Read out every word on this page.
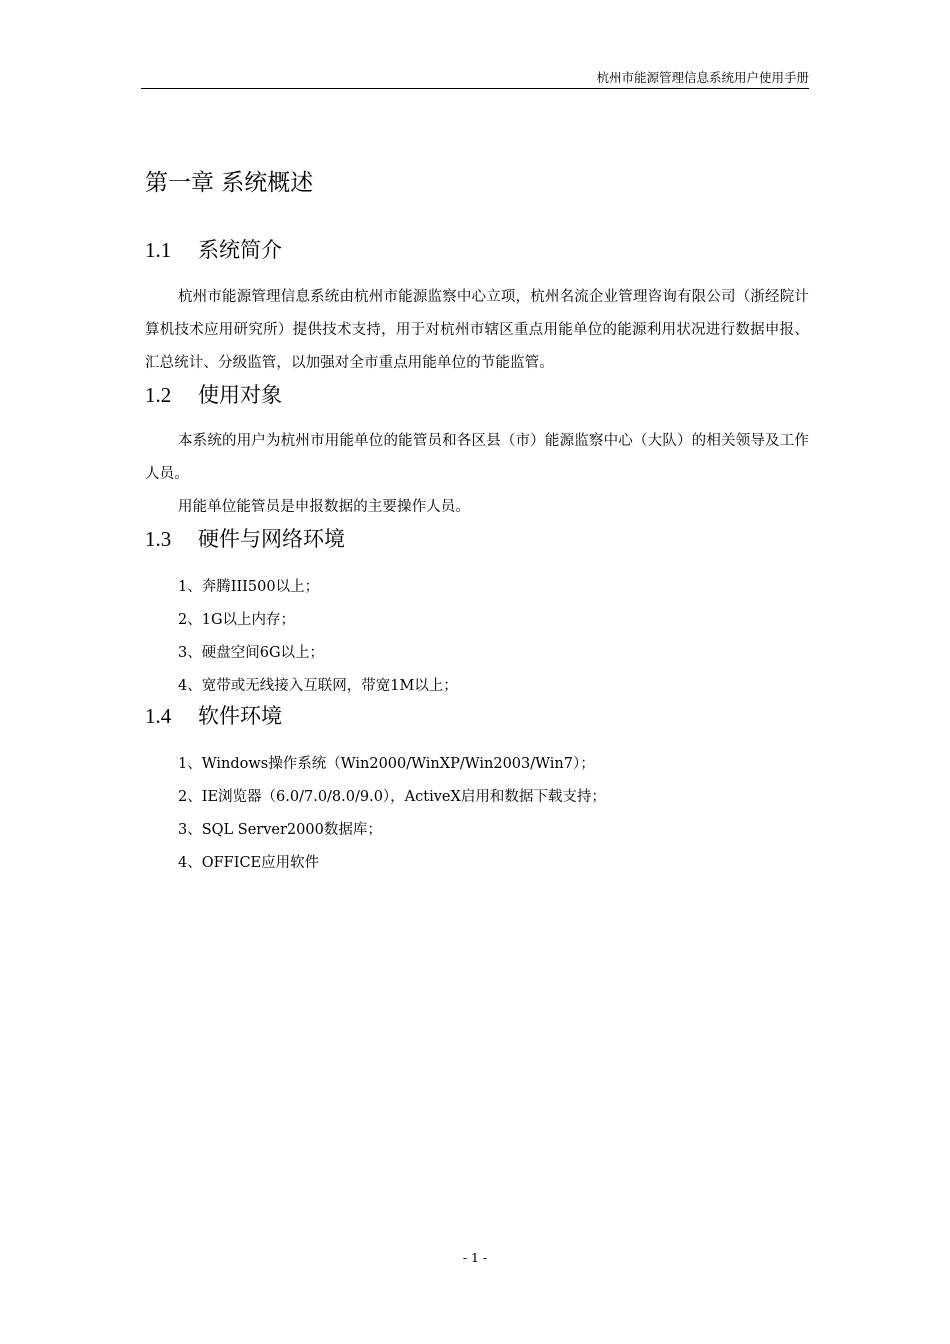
杭州市能源管理信息系统用户使用手册
第一章 系统概述
1.1 系统简介
杭州市能源管理信息系统由杭州市能源监察中心立项，杭州名流企业管理咨询有限公司（浙经院计算机技术应用研究所）提供技术支持，用于对杭州市辖区重点用能单位的能源利用状况进行数据申报、汇总统计、分级监管，以加强对全市重点用能单位的节能监管。
1.2 使用对象
本系统的用户为杭州市用能单位的能管员和各区县（市）能源监察中心（大队）的相关领导及工作人员。
用能单位能管员是申报数据的主要操作人员。
1.3 硬件与网络环境
1、奔腾III500以上；
2、1G以上内存；
3、硬盘空间6G以上；
4、宽带或无线接入互联网，带宽1M以上；
1.4 软件环境
1、Windows操作系统（Win2000/WinXP/Win2003/Win7）；
2、IE浏览器（6.0/7.0/8.0/9.0），ActiveX启用和数据下载支持；
3、SQL Server2000数据库；
4、OFFICE应用软件
- 1 -
